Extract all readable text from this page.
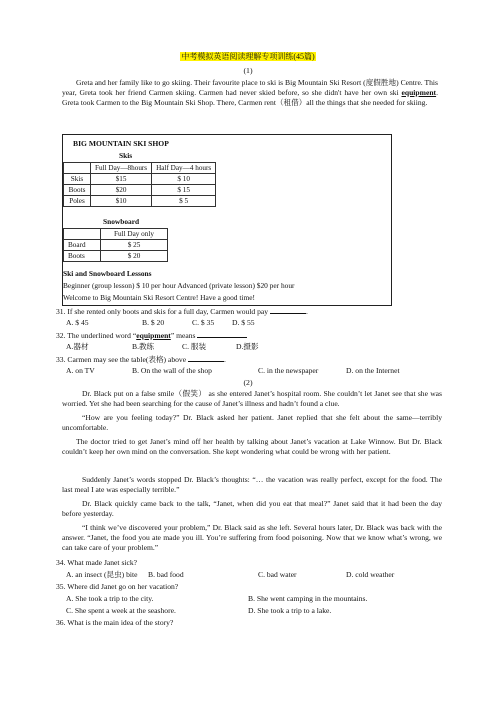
中考模拟英语阅读理解专项训练(45篇)
(1)
Greta and her family like to go skiing. Their favourite place to ski is Big Mountain Ski Resort (度假胜地) Centre. This year, Greta took her friend Carmen skiing. Carmen had never skied before, so she didn't have her own ski equipment. Greta took Carmen to the Big Mountain Ski Shop. There, Carmen rent（租借）all the things that she needed for skiing.
BIG MOUNTAIN SKI SHOP
Skis
	Full Day—8hours	Half Day—4 hours
Skis	$15	$ 10
Boots	$20	$ 15
Poles	$10	$ 5
Snowboard
	Full Day only
Board	$ 25
Boots	$ 20
Ski and Snowboard Lessons
Beginner (group lesson) $ 10 per hour Advanced (private lesson) $20 per hour
Welcome to Big Mountain Ski Resort Centre! Have a good time!
31. If she rented only boots and skis for a full day, Carmen would pay	.
A. $ 45	B. $ 20	C. $ 35 D. $ 55
32. The underlined word “equipment” means
A.器材	B.教练	C. 服装	D.摄影
33. Carmen may see the table(表格) above	.
A. on TV	B. On the wall of the shop	C. in the newspaper	D. on the Internet
(2)
Dr. Black put on a false smile（假笑） as she entered Janet’s hospital room. She couldn’t let Janet see that she was worried. Yet she had been searching for the cause of Janet’s illness and hadn’t found a clue.
“How are you feeling today?” Dr. Black asked her patient. Janet replied that she felt about the same—terribly uncomfortable.
The doctor tried to get Janet’s mind off her health by talking about Janet’s vacation at Lake Winnow. But Dr. Black couldn’t keep her own mind on the conversation. She kept wondering what could be wrong with her patient.
Suddenly Janet’s words stopped Dr. Black’s thoughts: “… the vacation was really perfect, except for the food. The last meal I ate was especially terrible.”
Dr. Black quickly came back to the talk, “Janet, when did you eat that meal?” Janet said that it had been the day before yesterday.
“I think we’ve discovered your problem,” Dr. Black said as she left. Several hours later, Dr. Black was back with the answer. “Janet, the food you ate made you ill. You’re suffering from food poisoning. Now that we know what’s wrong, we can take care of your problem.”
34. What made Janet sick?
A. an insect (昆虫) bite B. bad food	C. bad water	D. cold weather
35. Where did Janet go on her vacation?
A. She took a trip to the city.	B. She went camping in the mountains.
C. She spent a week at the seashore.	D. She took a trip to a lake.
36. What is the main idea of the story?
